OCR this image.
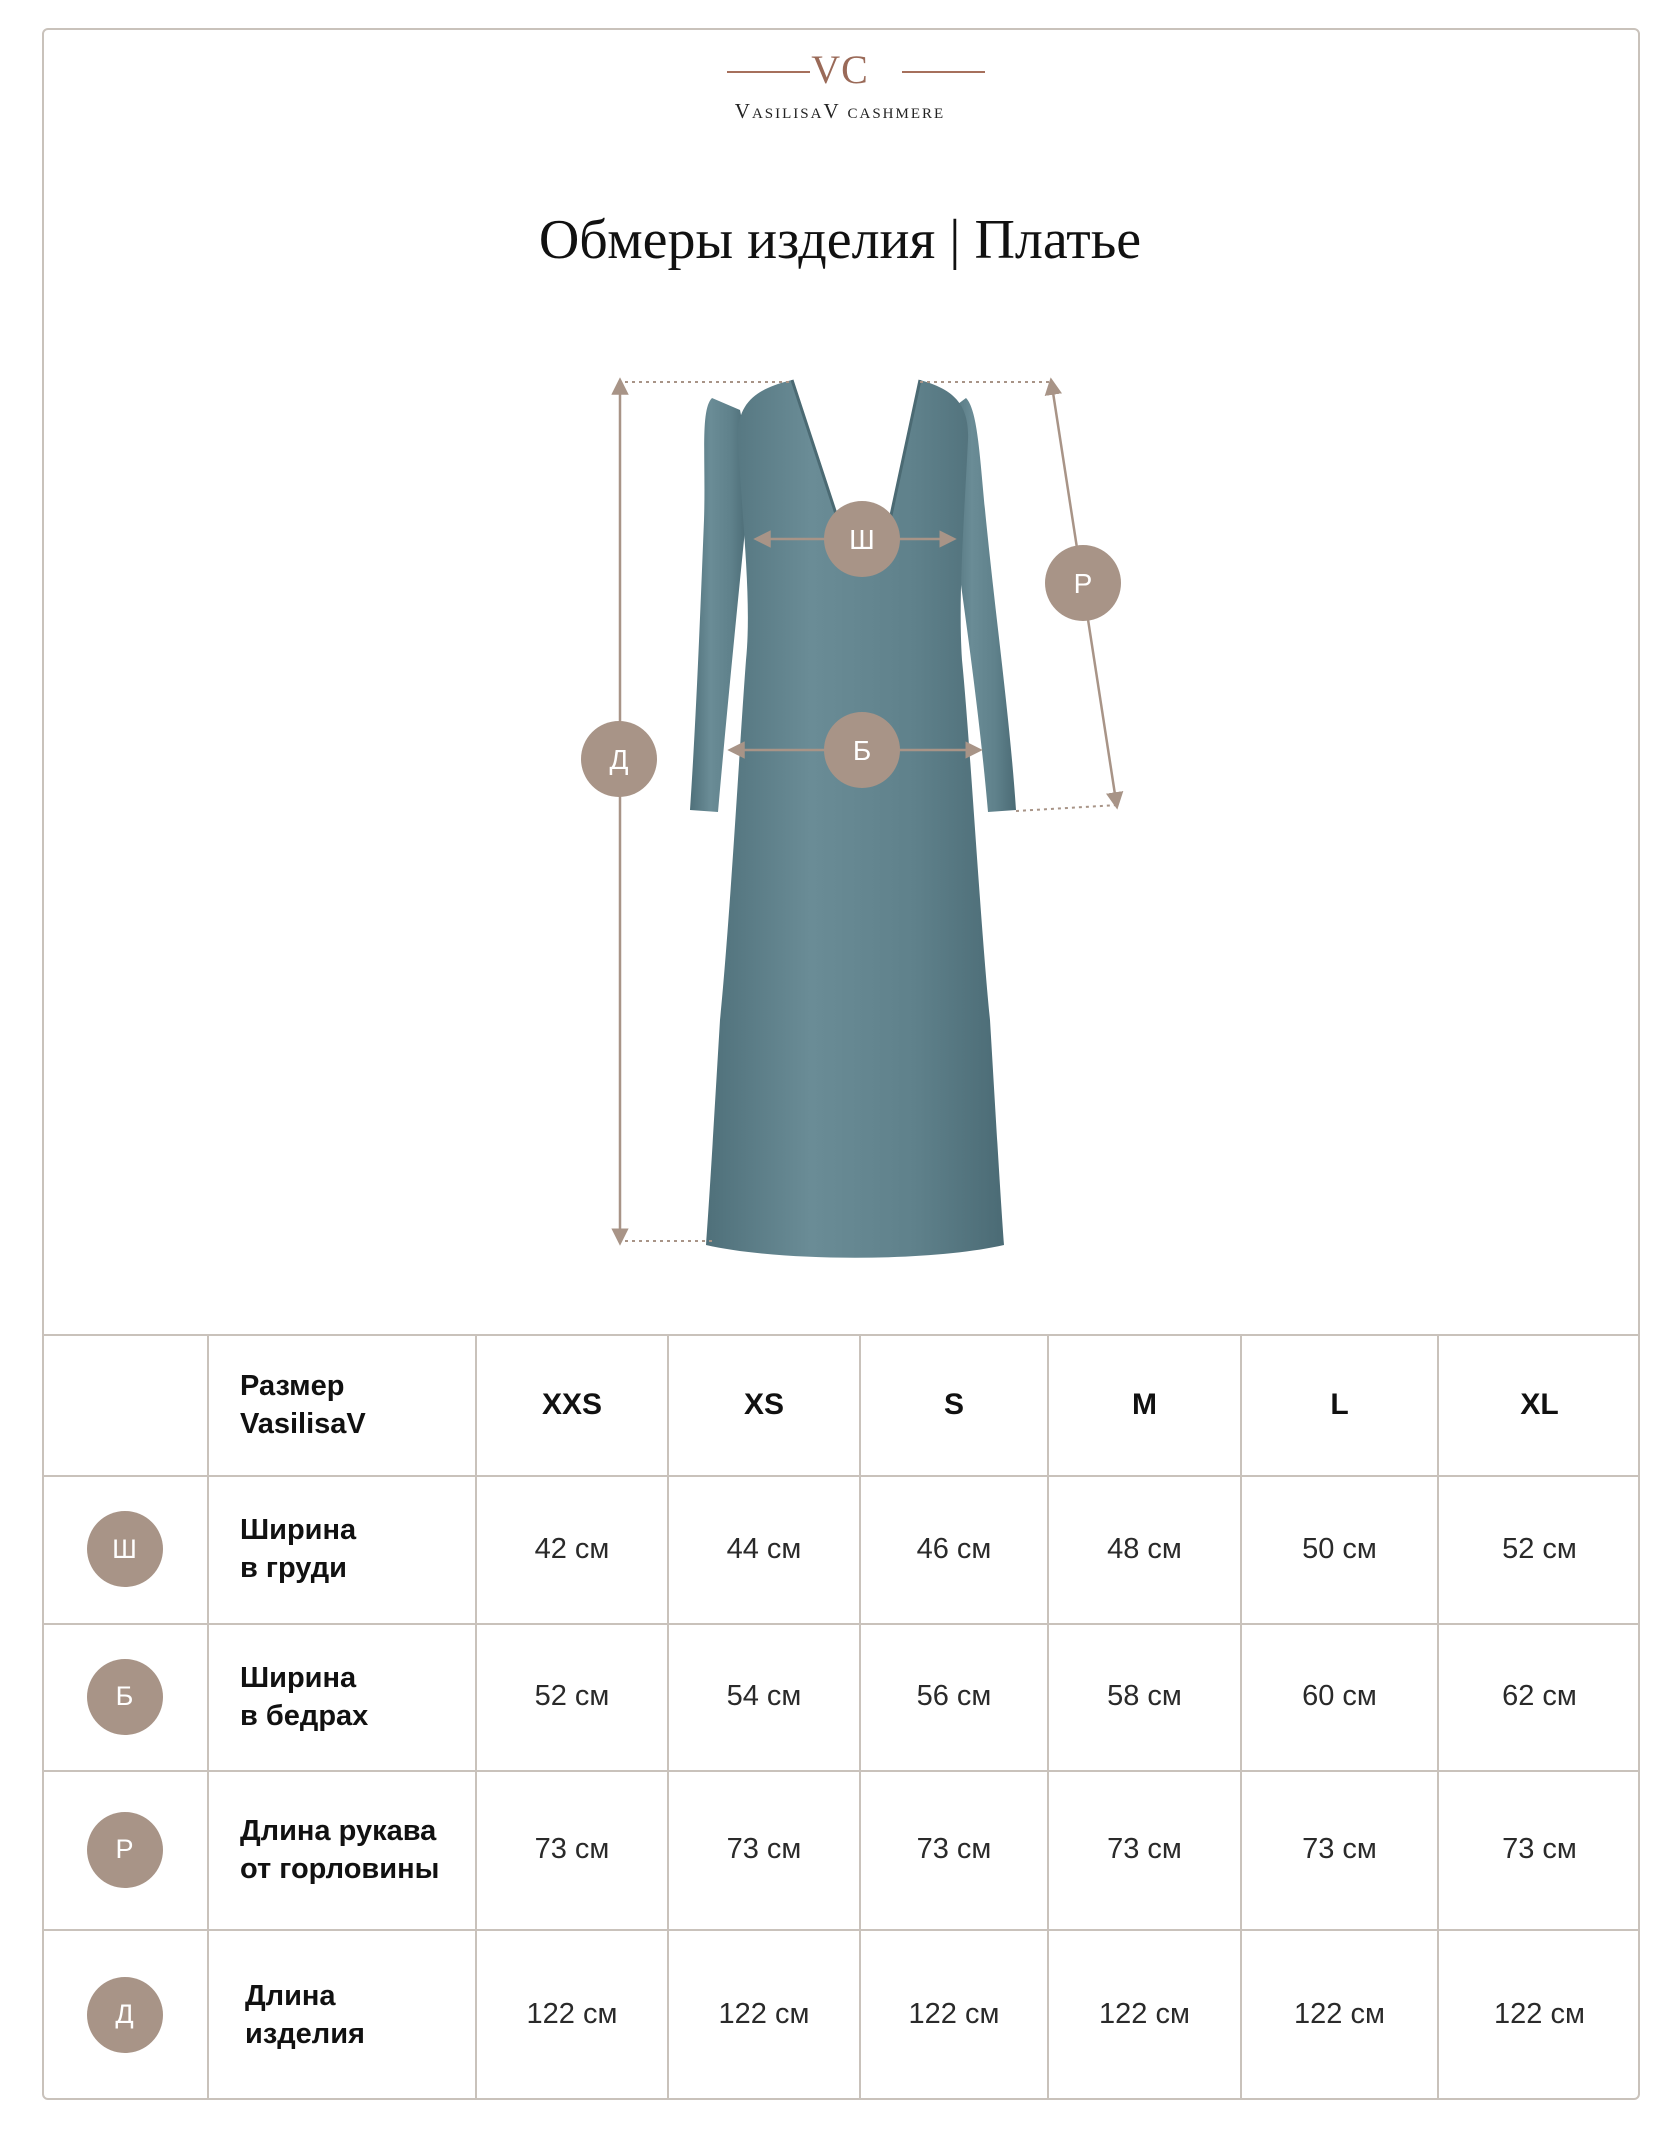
VC
VasilisaV cashmere
Обмеры изделия | Платье
Ш
Р
Б
Д
Размер
VasilisaV
XXS	XS	S	M	L	XL
Ш
Ширина
в груди
42 см	44 см	46 см	48 см	50 см	52 см
Б
Ширина
в бедрах
52 см	54 см	56 см	58 см	60 см	62 см
Р
Длина рукава
от горловины
73 см	73 см	73 см	73 см	73 см	73 см
Д
Длина
изделия
122 см	122 см	122 см	122 см	122 см	122 см
